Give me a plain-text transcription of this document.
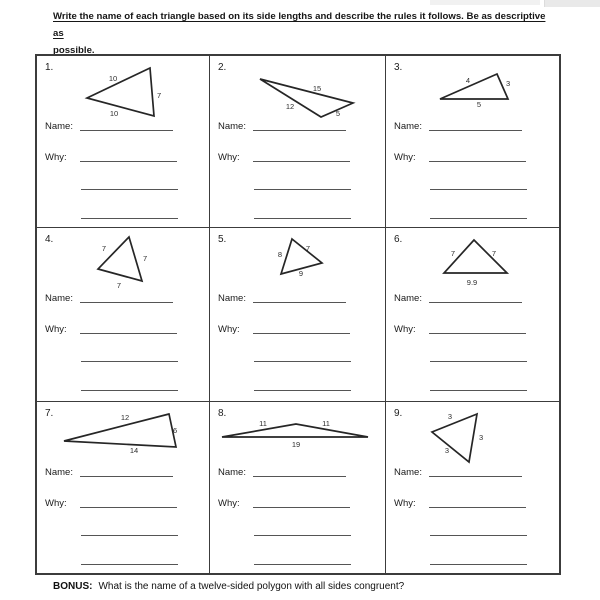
Write the name of each triangle based on its side lengths and describe the rules it follows. Be as descriptive as
possible.
1.
10
7
10
Name:
Why:
2.
15
12
5
Name:
Why:
3.
4	3
5
Name:
Why:
4.
7
7
7
Name:
Why:
5.
8
7
9
Name:
Why:
6.
7	7
9.9
Name:
Why:
7.	12
6
14
Name:
Why:
8.
11	11
19
Name:
Why:
9.	3
3
3
Name:
Why:
BONUS: What is the name of a twelve-sided polygon with all sides congruent?
